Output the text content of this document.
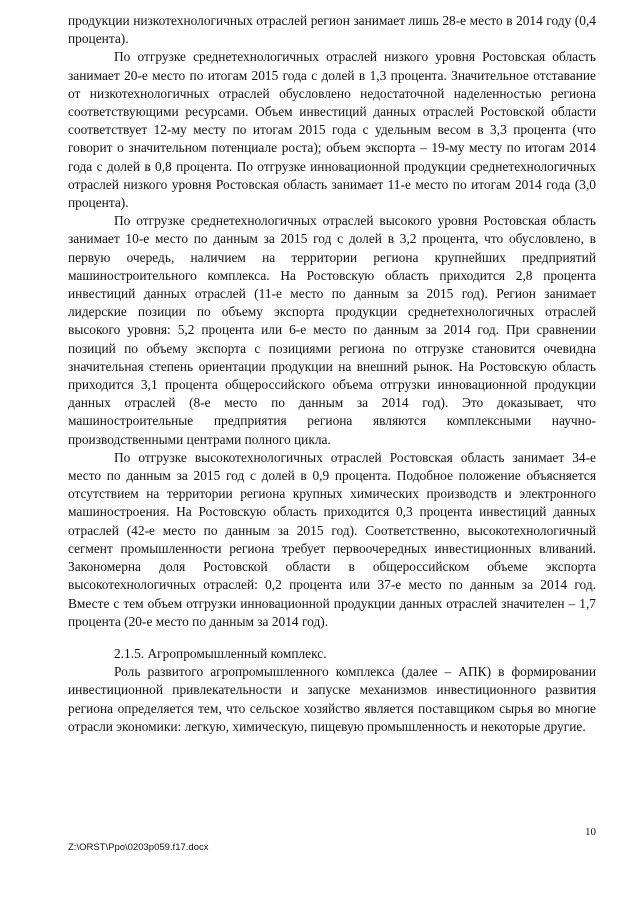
продукции низкотехнологичных отраслей регион занимает лишь 28-е место в 2014 году (0,4 процента).

По отгрузке среднетехнологичных отраслей низкого уровня Ростовская область занимает 20-е место по итогам 2015 года с долей в 1,3 процента. Значительное отставание от низкотехнологичных отраслей обусловлено недостаточной наделенностью региона соответствующими ресурсами. Объем инвестиций данных отраслей Ростовской области соответствует 12-му месту по итогам 2015 года с удельным весом в 3,3 процента (что говорит о значительном потенциале роста); объем экспорта – 19-му месту по итогам 2014 года с долей в 0,8 процента. По отгрузке инновационной продукции среднетехнологичных отраслей низкого уровня Ростовская область занимает 11-е место по итогам 2014 года (3,0 процента).

По отгрузке среднетехнологичных отраслей высокого уровня Ростовская область занимает 10-е место по данным за 2015 год с долей в 3,2 процента, что обусловлено, в первую очередь, наличием на территории региона крупнейших предприятий машиностроительного комплекса. На Ростовскую область приходится 2,8 процента инвестиций данных отраслей (11-е место по данным за 2015 год). Регион занимает лидерские позиции по объему экспорта продукции среднетехнологичных отраслей высокого уровня: 5,2 процента или 6-е место по данным за 2014 год. При сравнении позиций по объему экспорта с позициями региона по отгрузке становится очевидна значительная степень ориентации продукции на внешний рынок. На Ростовскую область приходится 3,1 процента общероссийского объема отгрузки инновационной продукции данных отраслей (8-е место по данным за 2014 год). Это доказывает, что машиностроительные предприятия региона являются комплексными научно-производственными центрами полного цикла.

По отгрузке высокотехнологичных отраслей Ростовская область занимает 34-е место по данным за 2015 год с долей в 0,9 процента. Подобное положение объясняется отсутствием на территории региона крупных химических производств и электронного машиностроения. На Ростовскую область приходится 0,3 процента инвестиций данных отраслей (42-е место по данным за 2015 год). Соответственно, высокотехнологичный сегмент промышленности региона требует первоочередных инвестиционных вливаний. Закономерна доля Ростовской области в общероссийском объеме экспорта высокотехнологичных отраслей: 0,2 процента или 37-е место по данным за 2014 год. Вместе с тем объем отгрузки инновационной продукции данных отраслей значителен – 1,7 процента (20-е место по данным за 2014 год).

2.1.5. Агропромышленный комплекс.

Роль развитого агропромышленного комплекса (далее – АПК) в формировании инвестиционной привлекательности и запуске механизмов инвестиционного развития региона определяется тем, что сельское хозяйство является поставщиком сырья во многие отрасли экономики: легкую, химическую, пищевую промышленность и некоторые другие.

10
Z:\ORST\Ppo\0203p059.f17.docx
